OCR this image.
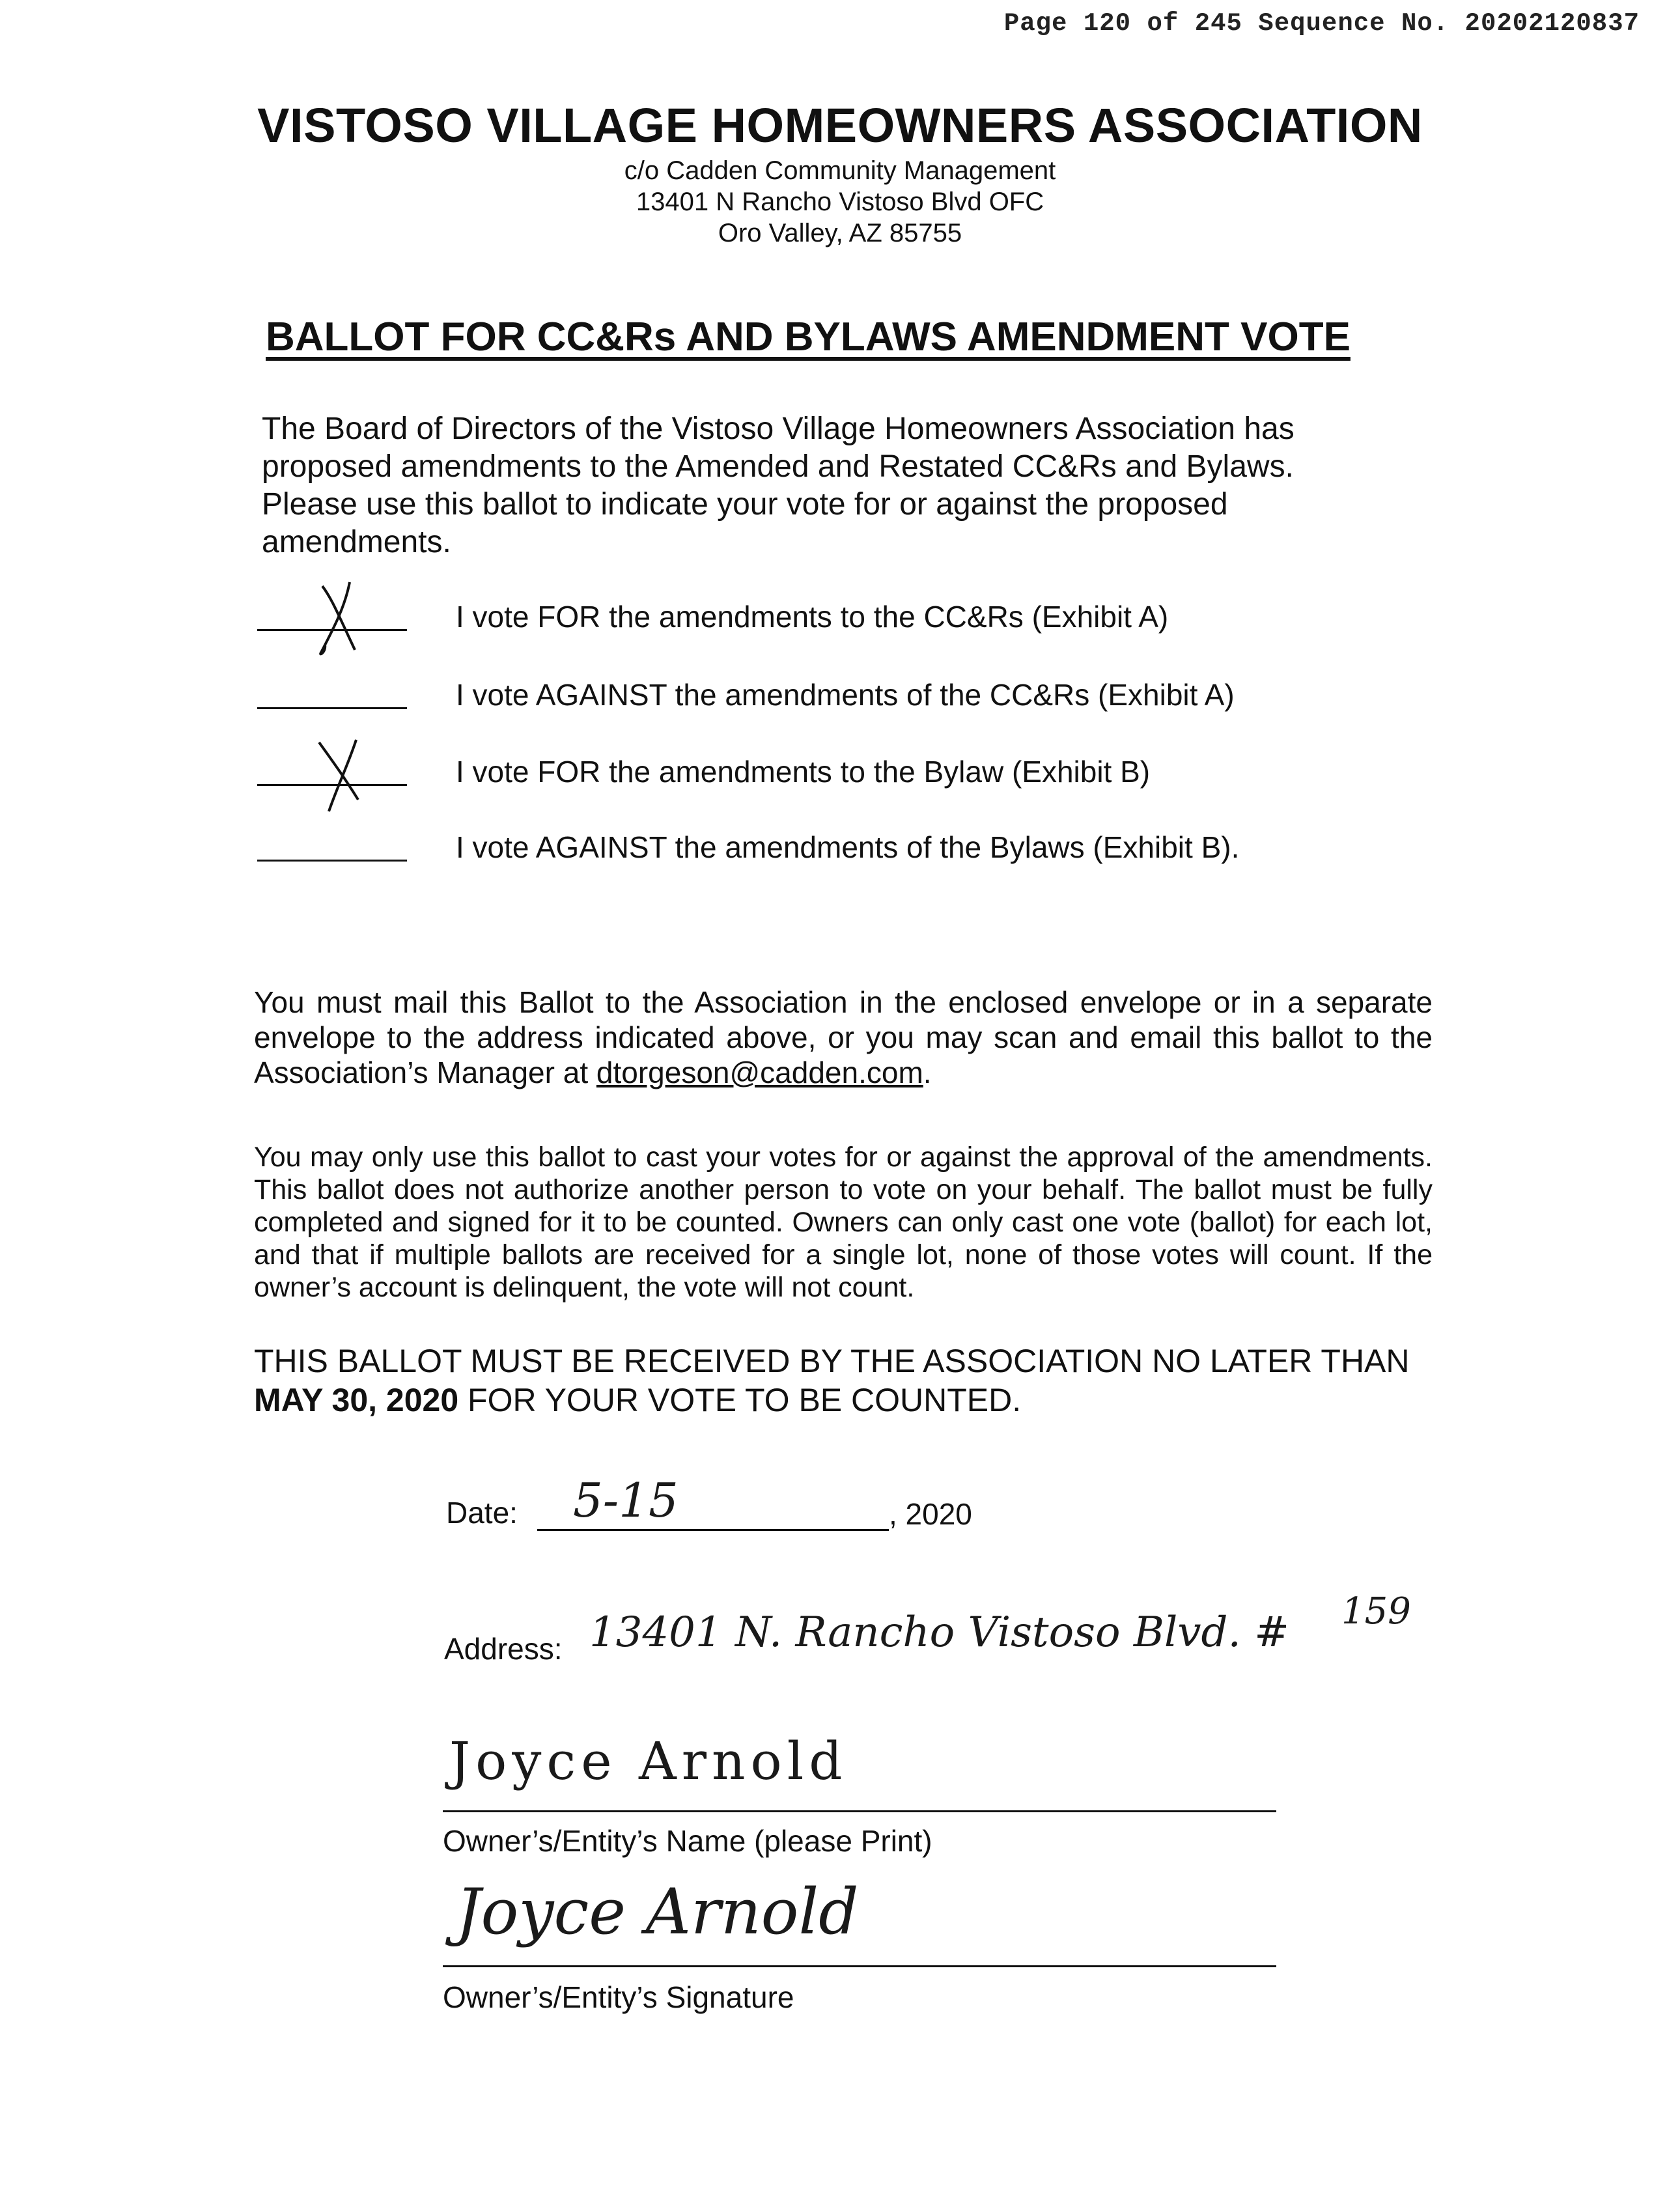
Page 120 of 245 Sequence No. 20202120837
VISTOSO VILLAGE HOMEOWNERS ASSOCIATION
c/o Cadden Community Management
13401 N Rancho Vistoso Blvd OFC
Oro Valley, AZ 85755
BALLOT FOR CC&Rs AND BYLAWS AMENDMENT VOTE
The Board of Directors of the Vistoso Village Homeowners Association has proposed amendments to the Amended and Restated CC&Rs and Bylaws. Please use this ballot to indicate your vote for or against the proposed amendments.
I vote FOR the amendments to the CC&Rs (Exhibit A)
I vote AGAINST the amendments of the CC&Rs (Exhibit A)
I vote FOR the amendments to the Bylaw (Exhibit B)
I vote AGAINST the amendments of the Bylaws (Exhibit B).
You must mail this Ballot to the Association in the enclosed envelope or in a separate envelope to the address indicated above, or you may scan and email this ballot to the Association’s Manager at dtorgeson@cadden.com.
You may only use this ballot to cast your votes for or against the approval of the amendments. This ballot does not authorize another person to vote on your behalf. The ballot must be fully completed and signed for it to be counted. Owners can only cast one vote (ballot) for each lot, and that if multiple ballots are received for a single lot, none of those votes will count. If the owner’s account is delinquent, the vote will not count.
THIS BALLOT MUST BE RECEIVED BY THE ASSOCIATION NO LATER THAN
MAY 30, 2020 FOR YOUR VOTE TO BE COUNTED.
Date: 5-15	, 2020
Address: 13401 N. Rancho Vistoso Blvd. # 159
Joyce Arnold
Owner’s/Entity’s Name (please Print)
Joyce Arnold
Owner’s/Entity’s Signature
